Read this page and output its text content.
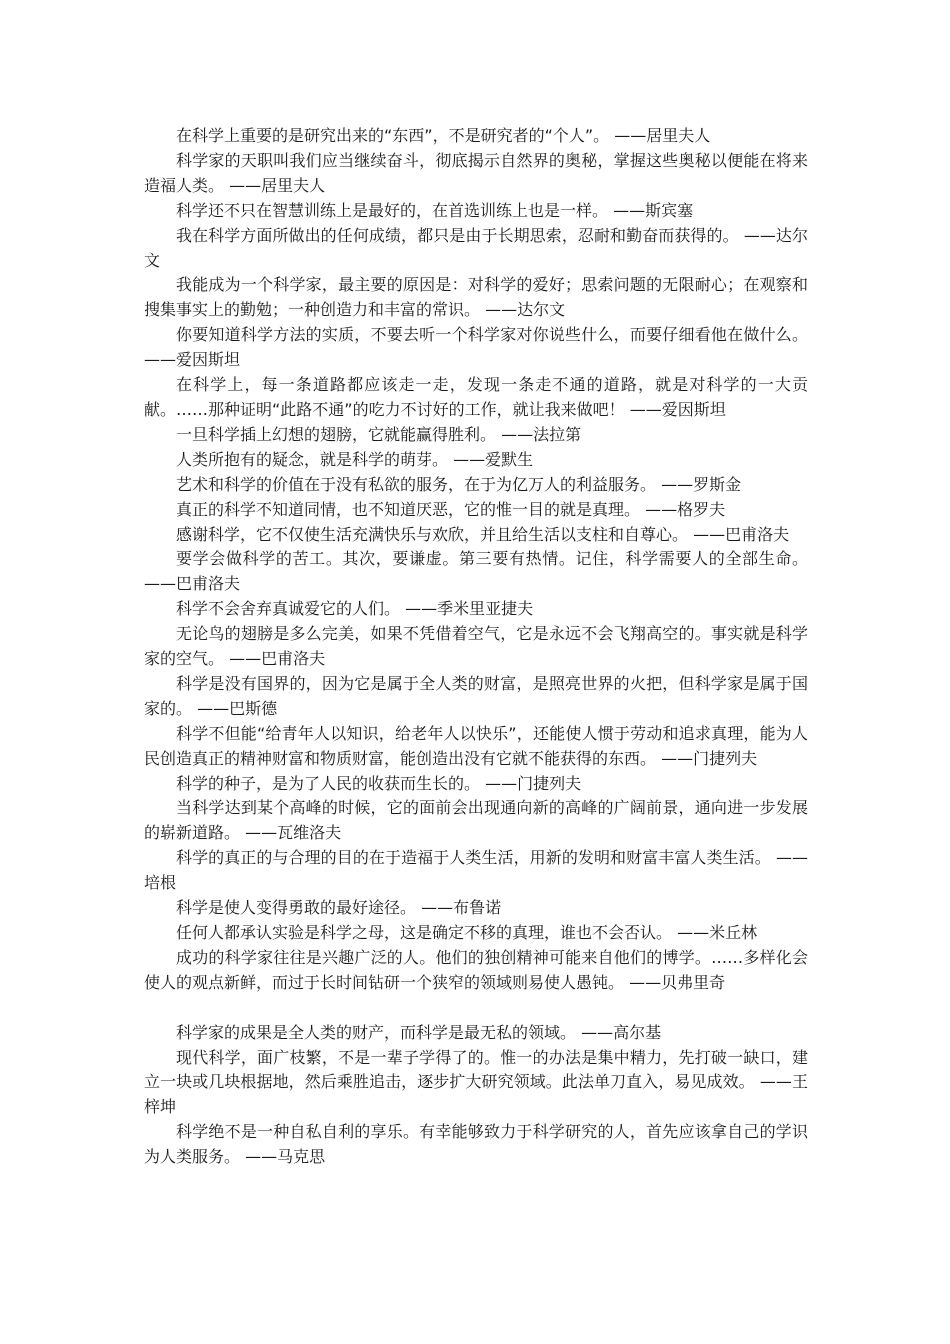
在科学上重要的是研究出来的“东西”，不是研究者的“个人”。 ——居里夫人

科学家的天职叫我们应当继续奋斗，彻底揭示自然界的奥秘，掌握这些奥秘以便能在将来造福人类。 ——居里夫人

科学还不只在智慧训练上是最好的，在首选训练上也是一样。 ——斯宾塞

我在科学方面所做出的任何成绩，都只是由于长期思索，忍耐和勤奋而获得的。 ——达尔文

我能成为一个科学家，最主要的原因是：对科学的爱好；思索问题的无限耐心；在观察和搜集事实上的勤勉；一种创造力和丰富的常识。 ——达尔文

你要知道科学方法的实质，不要去听一个科学家对你说些什么，而要仔细看他在做什么。 ——爱因斯坦

在科学上，每一条道路都应该走一走，发现一条走不通的道路，就是对科学的一大贡献。……那种证明“此路不通”的吃力不讨好的工作，就让我来做吧！ ——爱因斯坦

一旦科学插上幻想的翅膀，它就能赢得胜利。 ——法拉第

人类所抱有的疑念，就是科学的萌芽。 ——爱默生

艺术和科学的价值在于没有私欲的服务，在于为亿万人的利益服务。 ——罗斯金

真正的科学不知道同情，也不知道厌恶，它的惟一目的就是真理。 ——格罗夫

感谢科学，它不仅使生活充满快乐与欢欣，并且给生活以支柱和自尊心。 ——巴甫洛夫

要学会做科学的苦工。其次，要谦虚。第三要有热情。记住，科学需要人的全部生命。 ——巴甫洛夫

科学不会舍弃真诚爱它的人们。 ——季米里亚捷夫

无论鸟的翅膀是多么完美，如果不凭借着空气，它是永远不会飞翔高空的。事实就是科学家的空气。 ——巴甫洛夫

科学是没有国界的，因为它是属于全人类的财富，是照亮世界的火把，但科学家是属于国家的。 ——巴斯德

科学不但能“给青年人以知识，给老年人以快乐”，还能使人惯于劳动和追求真理，能为人民创造真正的精神财富和物质财富，能创造出没有它就不能获得的东西。 ——门捷列夫

科学的种子，是为了人民的收获而生长的。 ——门捷列夫

当科学达到某个高峰的时候，它的面前会出现通向新的高峰的广阔前景，通向进一步发展的崭新道路。 ——瓦维洛夫

科学的真正的与合理的目的在于造福于人类生活，用新的发明和财富丰富人类生活。 ——培根

科学是使人变得勇敢的最好途径。 ——布鲁诺

任何人都承认实验是科学之母，这是确定不移的真理，谁也不会否认。 ——米丘林

成功的科学家往往是兴趣广泛的人。他们的独创精神可能来自他们的博学。……多样化会使人的观点新鲜，而过于长时间钻研一个狭窄的领域则易使人愚钝。 ——贝弗里奇

科学家的成果是全人类的财产，而科学是最无私的领域。 ——高尔基

现代科学，面广枝繁，不是一辈子学得了的。惟一的办法是集中精力，先打破一缺口，建立一块或几块根据地，然后乘胜追击，逐步扩大研究领域。此法单刀直入，易见成效。 ——王梓坤

科学绝不是一种自私自利的享乐。有幸能够致力于科学研究的人，首先应该拿自己的学识为人类服务。 ——马克思
